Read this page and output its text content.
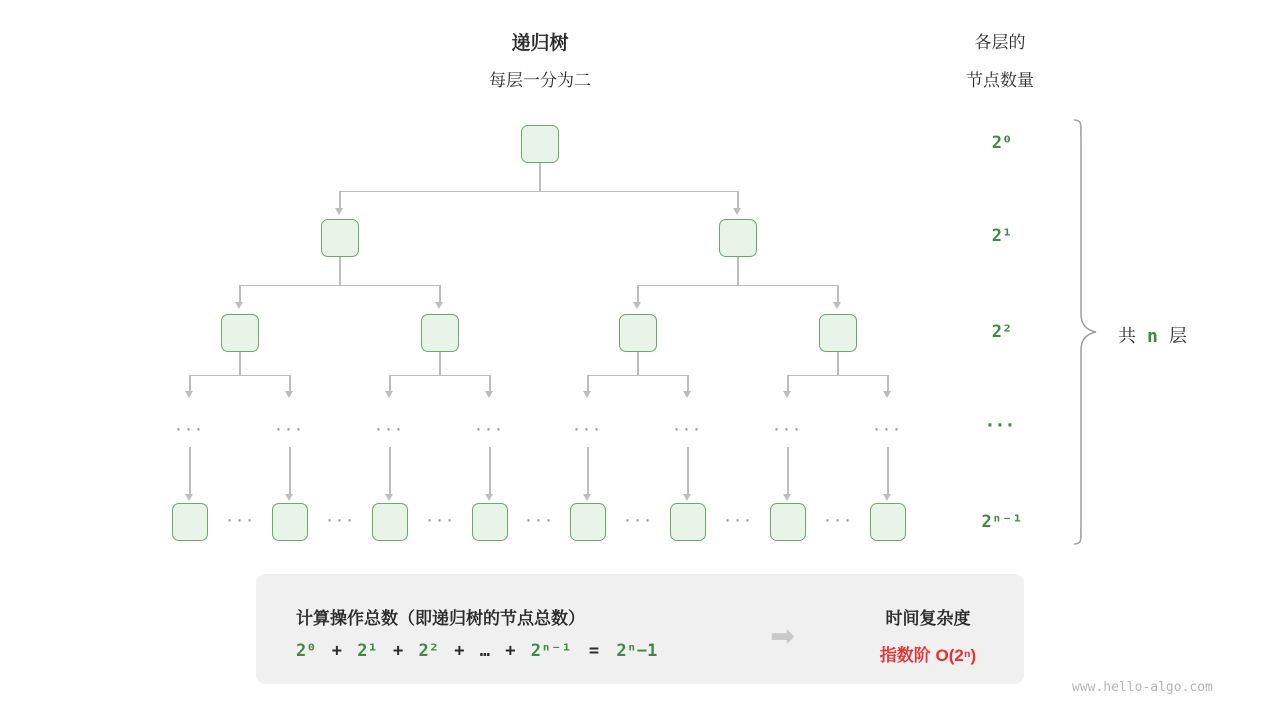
递归树
每层一分为二
各层的
节点数量
···	···	···	···	···	···	···	···
···	···	···	···	···	···	···
2⁰
2¹
2²
···
2ⁿ⁻¹
共 n 层
计算操作总数（即递归树的节点总数）
2⁰ + 2¹ + 2² + … + 2ⁿ⁻¹ = 2ⁿ−1	➡
时间复杂度
指数阶 O(2ⁿ)
www.hello-algo.com
